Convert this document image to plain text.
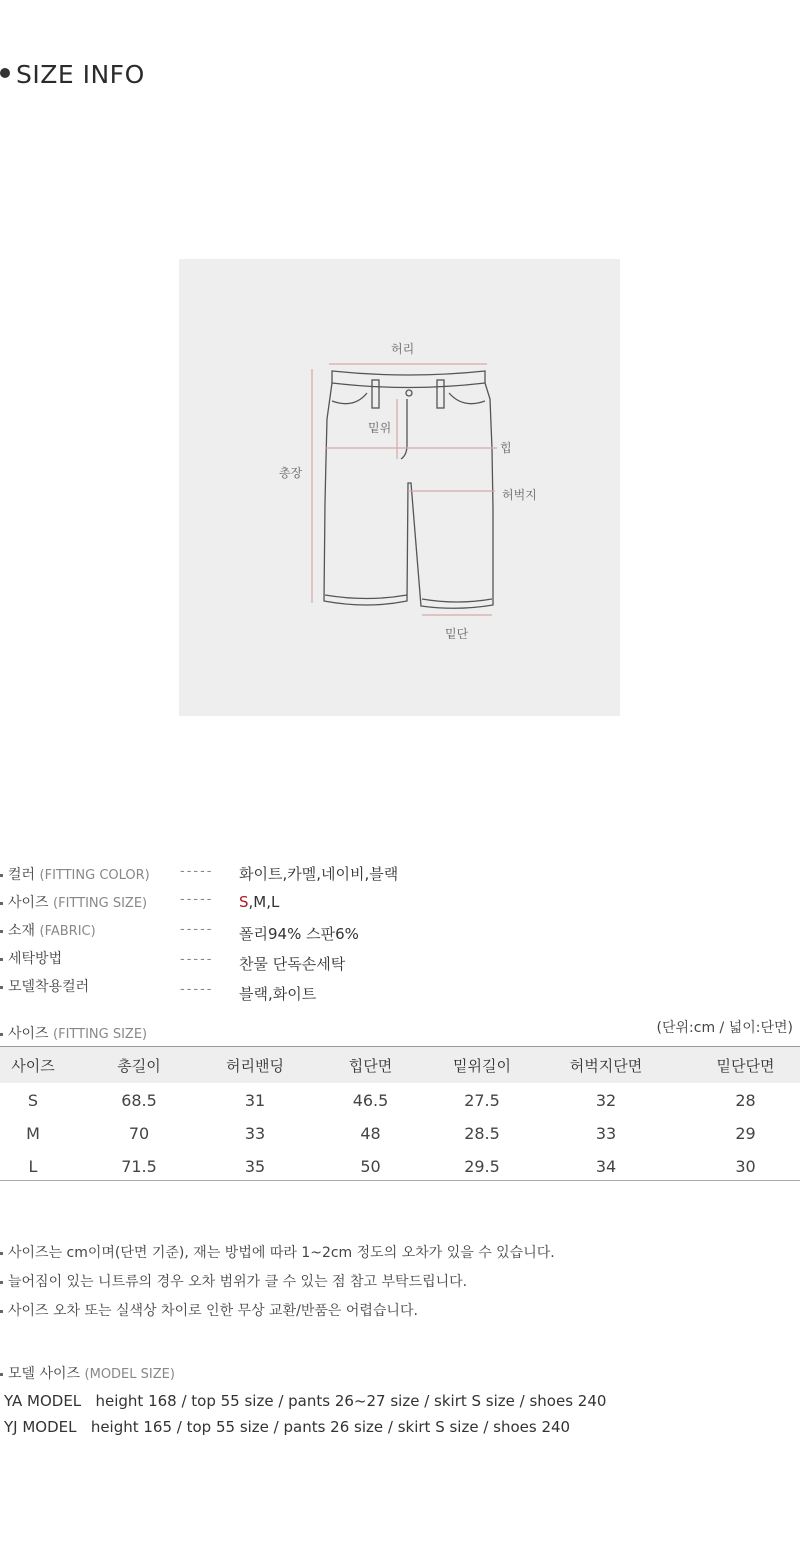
SIZE INFO
허리
밑위
총장
힙
허벅지
밑단
컬러 (FITTING COLOR) ----- 화이트,카멜,네이비,블랙
사이즈 (FITTING SIZE)	----- S,M,L
소재 (FABRIC)	----- 폴리94% 스판6%
세탁방법	----- 찬물 단독손세탁
모델착용컬러	----- 블랙,화이트
사이즈 (FITTING SIZE)	(단위:cm / 넓이:단면)
사이즈	총길이	허리밴딩	힙단면	밑위길이	허벅지단면	밑단단면
S	68.5	31	46.5	27.5	32	28
M	70	33	48	28.5	33	29
L	71.5	35	50	29.5	34	30
사이즈는 cm이며(단면 기준), 재는 방법에 따라 1~2cm 정도의 오차가 있을 수 있습니다.
늘어짐이 있는 니트류의 경우 오차 범위가 클 수 있는 점 참고 부탁드립니다.
사이즈 오차 또는 실색상 차이로 인한 무상 교환/반품은 어렵습니다.
모델 사이즈 (MODEL SIZE)
YA MODEL height 168 / top 55 size / pants 26~27 size / skirt S size / shoes 240
YJ MODEL height 165 / top 55 size / pants 26 size / skirt S size / shoes 240
